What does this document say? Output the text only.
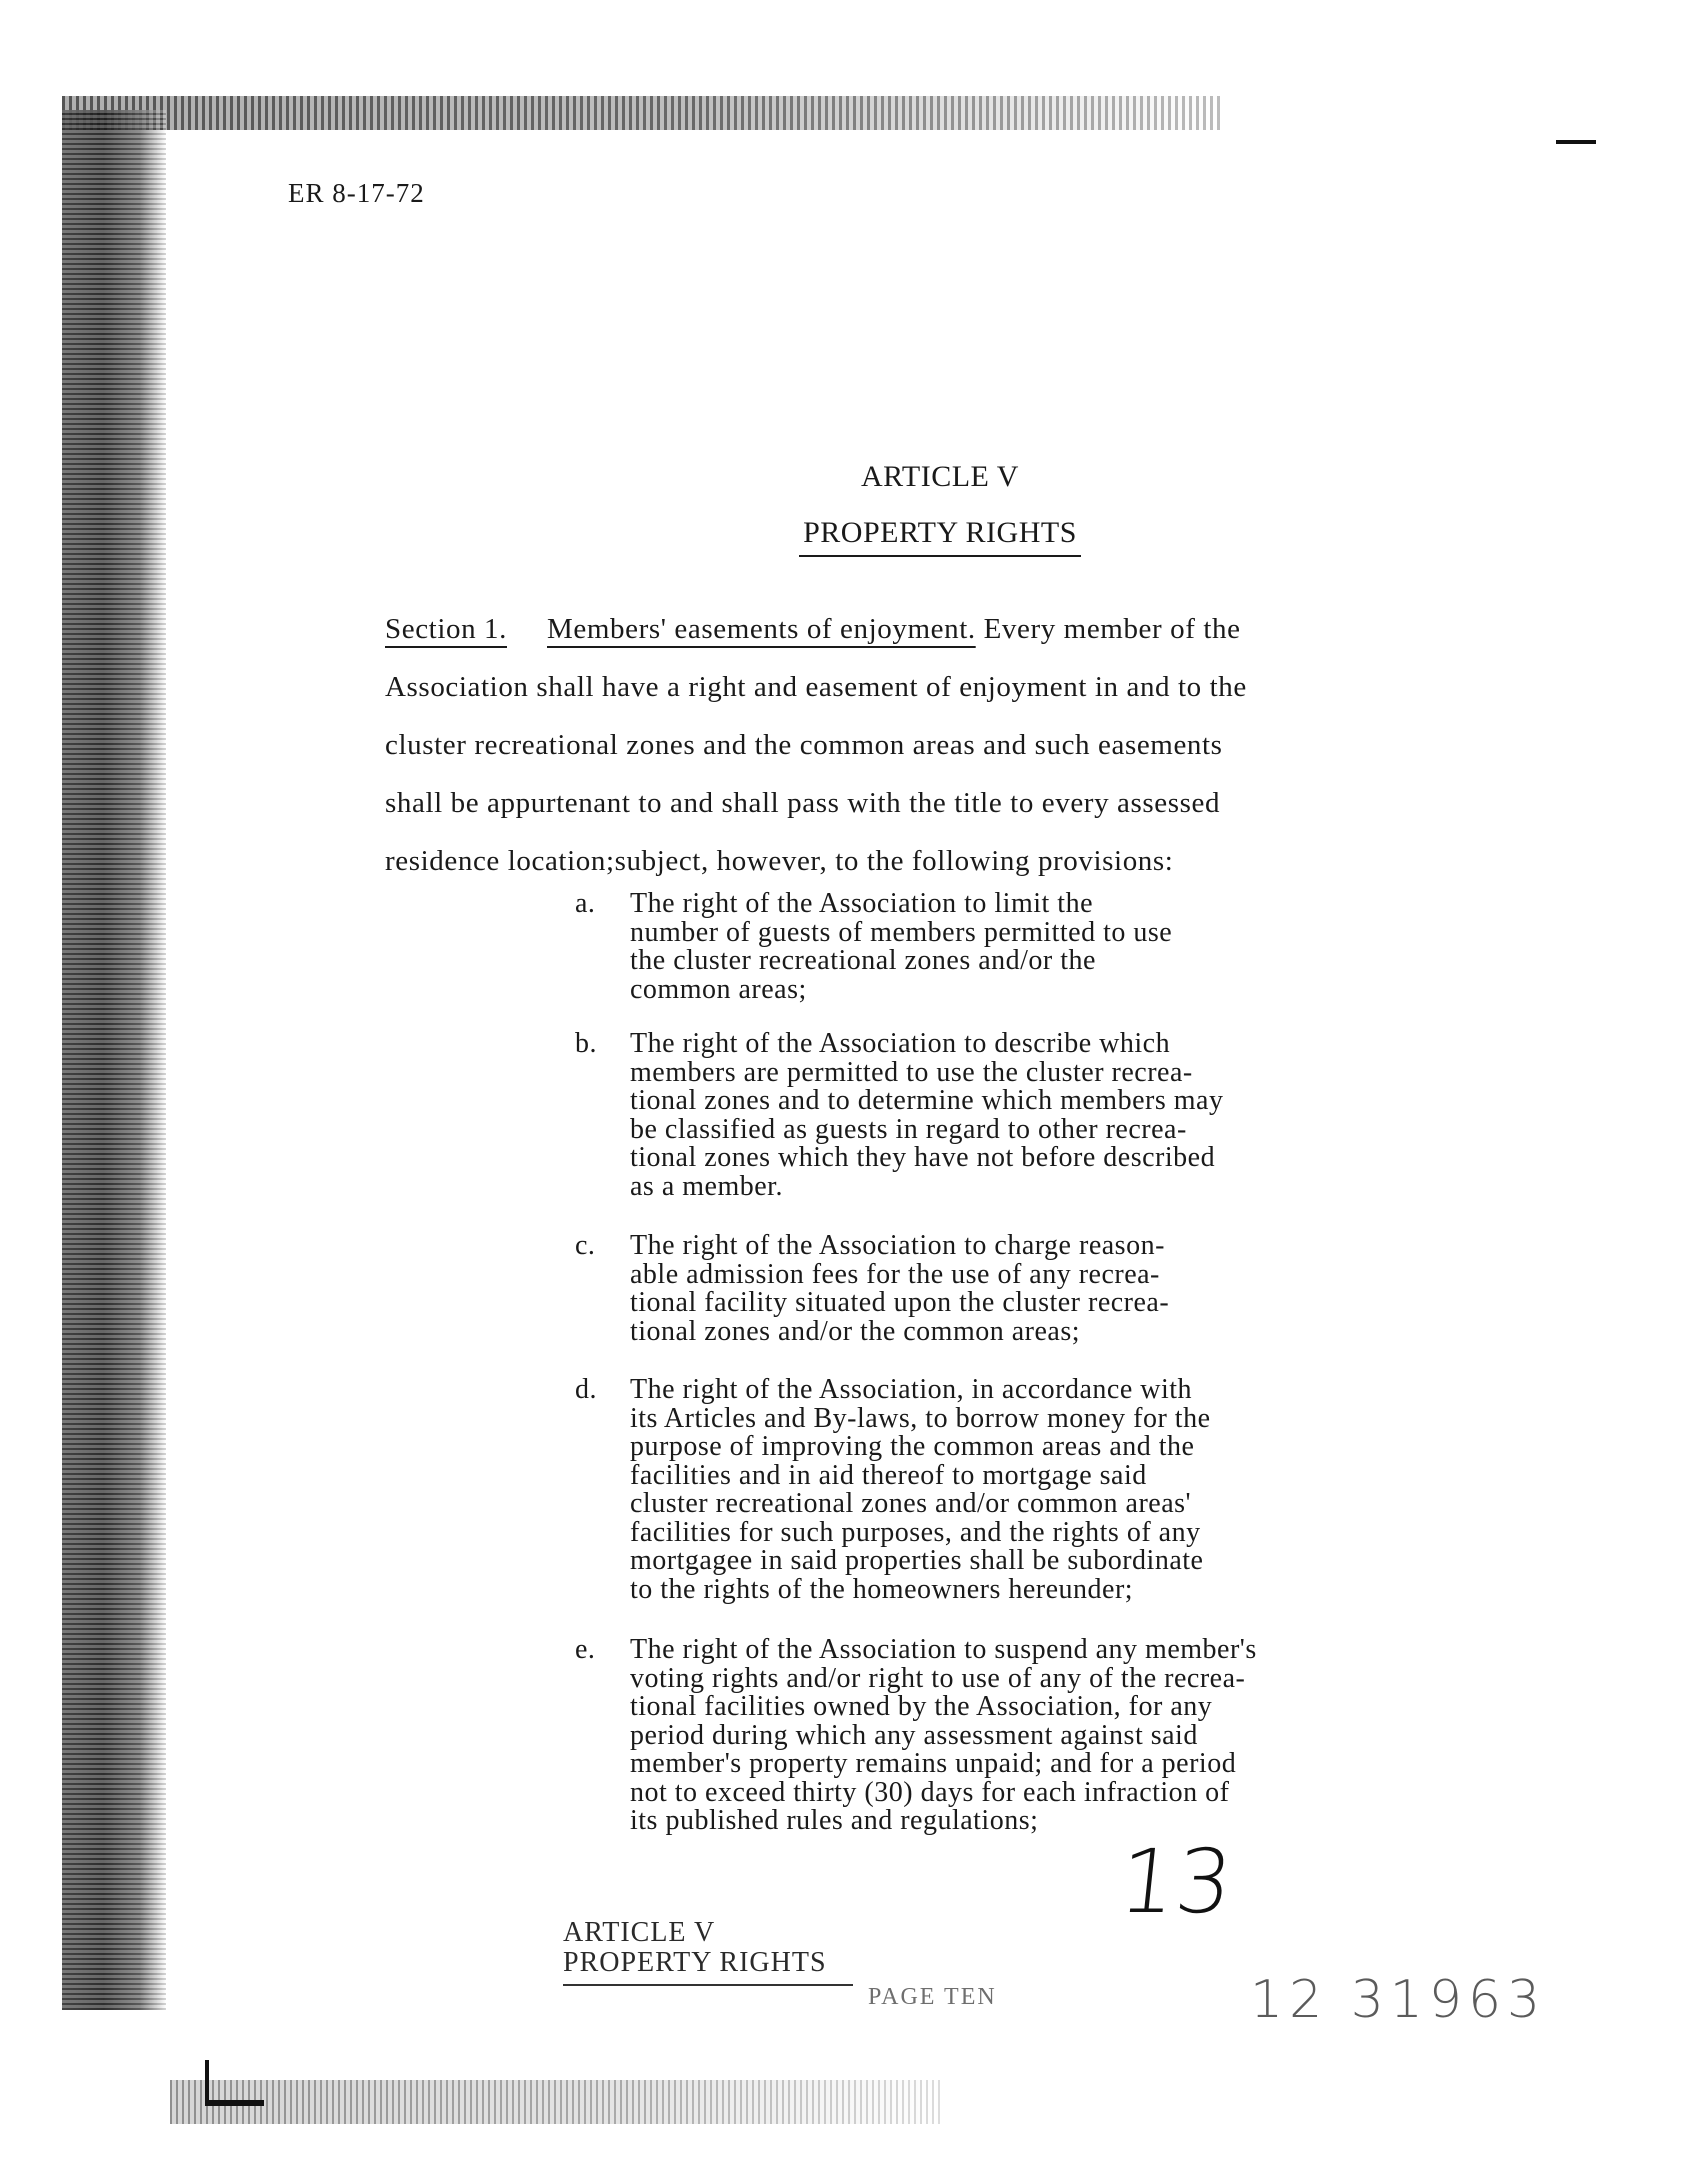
ER 8-17-72
ARTICLE V
PROPERTY RIGHTS
Section 1. Members' easements of enjoyment. Every member of the
Association shall have a right and easement of enjoyment in and to the
cluster recreational zones and the common areas and such easements
shall be appurtenant to and shall pass with the title to every assessed
residence location;subject, however, to the following provisions:
a.	The right of the Association to limit the
number of guests of members permitted to use
the cluster recreational zones and/or the
common areas;
b.	The right of the Association to describe which
members are permitted to use the cluster recrea-
tional zones and to determine which members may
be classified as guests in regard to other recrea-
tional zones which they have not before described
as a member.
c.	The right of the Association to charge reason-
able admission fees for the use of any recrea-
tional facility situated upon the cluster recrea-
tional zones and/or the common areas;
d.	The right of the Association, in accordance with
its Articles and By-laws, to borrow money for the
purpose of improving the common areas and the
facilities and in aid thereof to mortgage said
cluster recreational zones and/or common areas'
facilities for such purposes, and the rights of any
mortgagee in said properties shall be subordinate
to the rights of the homeowners hereunder;
e.	The right of the Association to suspend any member's
voting rights and/or right to use of any of the recrea-
tional facilities owned by the Association, for any
period during which any assessment against said
member's property remains unpaid; and for a period
not to exceed thirty (30) days for each infraction of
its published rules and regulations;
13
ARTICLE V
PROPERTY RIGHTS
PAGE TEN	12 31963
